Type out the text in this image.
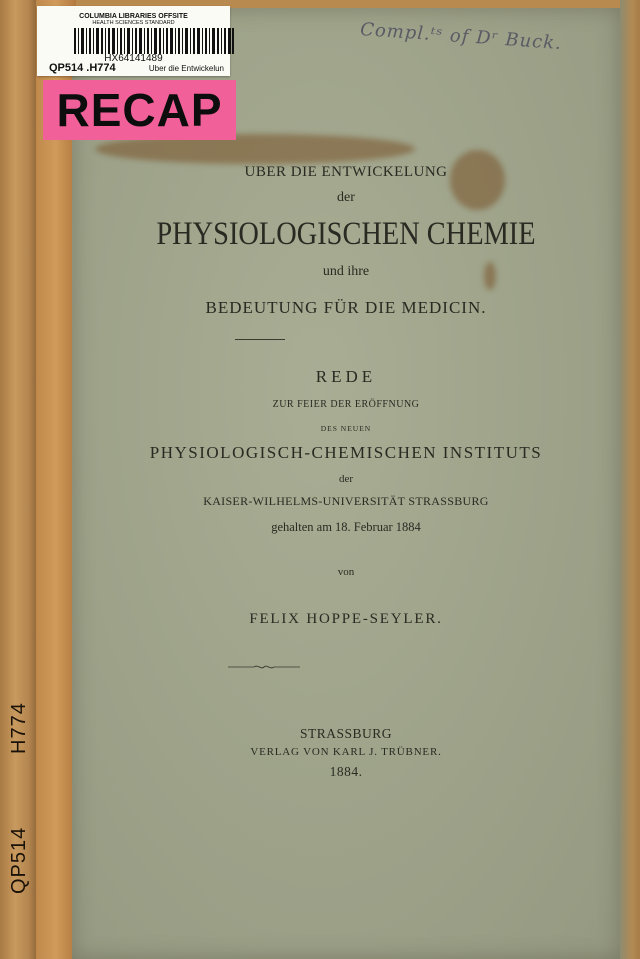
H774
QP514
COLUMBIA LIBRARIES OFFSITE
HEALTH SCIENCES STANDARD
HX64141489
QP514 .H774	Uber die Entwickelun
RECAP
Compl.ᵗˢ of Dʳ Buck.
UBER DIE ENTWICKELUNG
der
PHYSIOLOGISCHEN CHEMIE
und ihre
BEDEUTUNG FÜR DIE MEDICIN.
REDE
ZUR FEIER DER ERÖFFNUNG
DES NEUEN
PHYSIOLOGISCH-CHEMISCHEN INSTITUTS
der
KAISER-WILHELMS-UNIVERSITÄT STRASSBURG
gehalten am 18. Februar 1884
von
FELIX HOPPE-SEYLER.
STRASSBURG
VERLAG VON KARL J. TRÜBNER.
1884.
